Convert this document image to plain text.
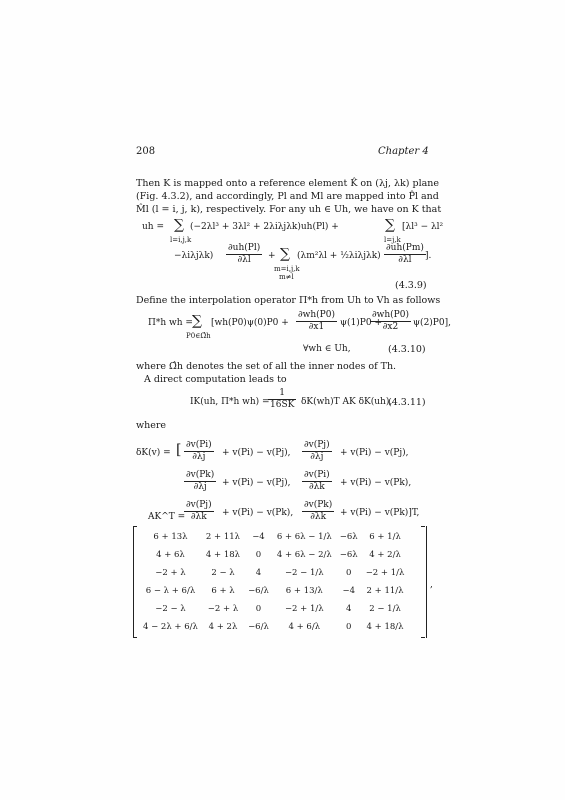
208	Chapter 4
Then K is mapped onto a reference element K̂ on (λj, λk) plane
(Fig. 4.3.2), and accordingly, Pl and Ml are mapped into P̂l and
M̂l (l = i, j, k), respectively. For any uh ∈ Uh, we have on K that
uh = ∑
l=i,j,k
(−2λl³ + 3λl² + 2λiλjλk)uh(Pl) +	∑
l=j,k
[λl³ − λl²
$-\lambda i\lambda j\lambda k) \frac{\partial uh(Pl)}{\partial\lambda l}$ + ∑
m=i,j,k
m≠l
(λm²λl + ½λiλjλk) $\frac{\partial uh(Pm)}{\partial\lambda l}$ ].
(4.3.9)
Define the interpolation operator Π*h from Uh to Vh as follows
Π*h wh = ∑
P0∈Ω̂h
[$wh(P0)\psi(0)P0 + \frac{\partial wh(P0)}{\partial x1} \psi(1)P0$ +
$\frac{\partial wh(P0)}{\partial x2} \psi(2)P0$],
∀wh ∈ Uh,	(4.3.10)
where Ω̂h denotes the set of all the inner nodes of Th.
A direct computation leads to
IK(uh, Π*h wh) =
$\frac{1}{16SK} \delta K(wh)T$ AK δK(uh),
(4.3.11)
where
δK(v) = [ $\frac{\partial v(Pi)}{\partial\lambda j} + v(Pi) - v(Pj)$, $\frac{\partial v(Pj)}{\partial\lambda j} + v(Pi) - v(Pj)$,
$\frac{\partial v(Pk)}{\partial\lambda j} + v(Pi) - v(Pj)$, $\frac{\partial v(Pi)}{\partial\lambda k} + v(Pi) - v(Pk)$,
$\frac{\partial v(Pj)}{\partial\lambda k} + v(Pi) - v(Pk)$, $\frac{\partial v(Pk)}{\partial\lambda k} + v(Pi) - v(Pk)]T$,
AK^T =
6 + 13λ	2 + 11λ	−4	6 + 6λ − 1/λ	−6λ	6 + 1/λ
4 + 6λ	4 + 18λ	0	4 + 6λ − 2/λ	−6λ	4 + 2/λ
−2 + λ	2 − λ	4	−2 − 1/λ	0	−2 + 1/λ
6 − λ + 6/λ	6 + λ	−6/λ	6 + 13/λ	−4	2 + 11/λ
−2 − λ	−2 + λ	0	−2 + 1/λ	4	2 − 1/λ
4 − 2λ + 6/λ	4 + 2λ	−6/λ	4 + 6/λ	0	4 + 18/λ
,
